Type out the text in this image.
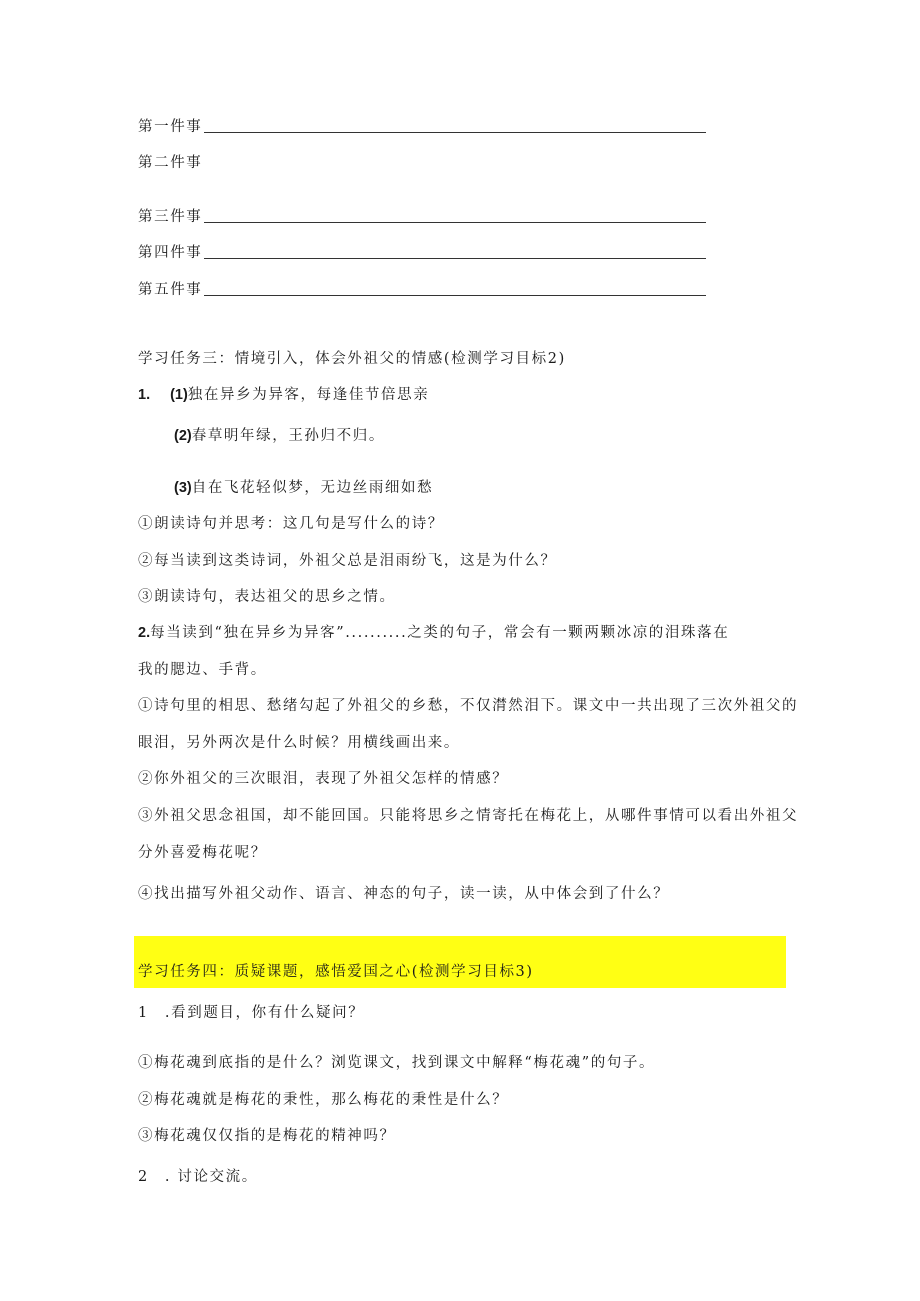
第一件事
第二件事
第三件事
第四件事
第五件事
学习任务三：情境引入，体会外祖父的情感(检测学习目标2)
1. (1)独在异乡为异客，每逢佳节倍思亲
(2)春草明年绿，王孙归不归。
(3)自在飞花轻似梦，无边丝雨细如愁
①朗读诗句并思考：这几句是写什么的诗？
②每当读到这类诗词，外祖父总是泪雨纷飞，这是为什么？
③朗读诗句，表达祖父的思乡之情。
2.每当读到“独在异乡为异客”..........之类的句子，常会有一颗两颗冰凉的泪珠落在
我的腮边、手背。
①诗句里的相思、愁绪勾起了外祖父的乡愁，不仅潸然泪下。课文中一共出现了三次外祖父的
眼泪，另外两次是什么时候？用横线画出来。
②你外祖父的三次眼泪，表现了外祖父怎样的情感？
③外祖父思念祖国，却不能回国。只能将思乡之情寄托在梅花上，从哪件事情可以看出外祖父
分外喜爱梅花呢？
④找出描写外祖父动作、语言、神态的句子，读一读，从中体会到了什么？
学习任务四：质疑课题，感悟爱国之心(检测学习目标3)
1　.看到题目，你有什么疑问？
①梅花魂到底指的是什么？浏览课文，找到课文中解释“梅花魂”的句子。
②梅花魂就是梅花的秉性，那么梅花的秉性是什么？
③梅花魂仅仅指的是梅花的精神吗？
2　. 讨论交流。
